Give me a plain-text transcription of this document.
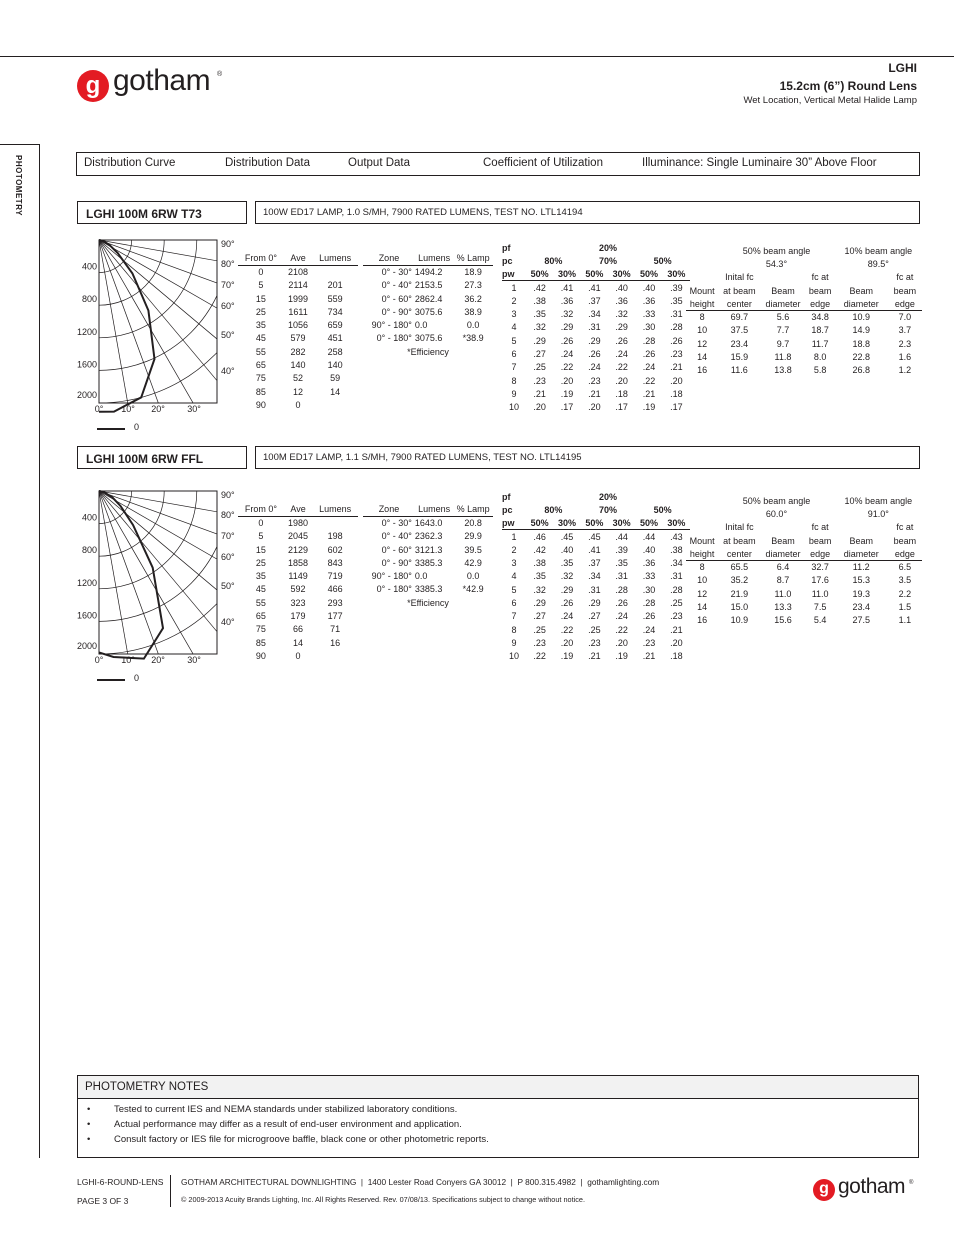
g gotham ®	LGHI
15.2cm (6”) Round Lens
Wet Location, Vertical Metal Halide Lamp
PHOTOMETRY	Distribution Curve	Distribution Data	Output Data	Coefficient of Utilization	Illuminance: Single Luminaire 30” Above Floor
LGHI 100M 6RW T73	100W ED17 LAMP, 1.0 S/MH, 7900 RATED LUMENS, TEST NO. LTL14194
90°
80°
70°
60°
50°
40°
400
800
1200
1600
2000
0° 10° 20° 30°
0
From 0°	Ave	Lumens
0	2108	
5	2114	201
15	1999	559
25	1611	734
35	1056	659
45	579	451
55	282	258
65	140	140
75	52	59
85	12	14
90	0	
Zone	Lumens	% Lamp
0° - 30°	1494.2	18.9
0° - 40°	2153.5	27.3
0° - 60°	2862.4	36.2
0° - 90°	3075.6	38.9
90° - 180°	0.0	0.0
0° - 180°	3075.6	*38.9
*Efficiency		
pf	20%					
pc	80%		70%		50%	
pw	50%	30%	50%	30%	50%	30%
1	.42	.41	.41	.40	.40	.39
2	.38	.36	.37	.36	.36	.35
3	.35	.32	.34	.32	.33	.31
4	.32	.29	.31	.29	.30	.28
5	.29	.26	.29	.26	.28	.26
6	.27	.24	.26	.24	.26	.23
7	.25	.22	.24	.22	.24	.21
8	.23	.20	.23	.20	.22	.20
9	.21	.19	.21	.18	.21	.18
10	.20	.17	.20	.17	.19	.17
	50% beam angle			10% beam angle	
	54.3°			89.5°	
	Inital fc		fc at		fc at
Mount	at beam	Beam	beam	Beam	beam
height	center	diameter	edge	diameter	edge
8	69.7	5.6	34.8	10.9	7.0
10	37.5	7.7	18.7	14.9	3.7
12	23.4	9.7	11.7	18.8	2.3
14	15.9	11.8	8.0	22.8	1.6
16	11.6	13.8	5.8	26.8	1.2
LGHI 100M 6RW FFL	100M ED17 LAMP, 1.1 S/MH, 7900 RATED LUMENS, TEST NO. LTL14195
90°
80°
70°
60°
50°
40°
400
800
1200
1600
2000
0° 10° 20° 30°
0
From 0°	Ave	Lumens
0	1980	
5	2045	198
15	2129	602
25	1858	843
35	1149	719
45	592	466
55	323	293
65	179	177
75	66	71
85	14	16
90	0	
Zone	Lumens	% Lamp
0° - 30°	1643.0	20.8
0° - 40°	2362.3	29.9
0° - 60°	3121.3	39.5
0° - 90°	3385.3	42.9
90° - 180°	0.0	0.0
0° - 180°	3385.3	*42.9
*Efficiency		
pf	20%					
pc	80%		70%		50%	
pw	50%	30%	50%	30%	50%	30%
1	.46	.45	.45	.44	.44	.43
2	.42	.40	.41	.39	.40	.38
3	.38	.35	.37	.35	.36	.34
4	.35	.32	.34	.31	.33	.31
5	.32	.29	.31	.28	.30	.28
6	.29	.26	.29	.26	.28	.25
7	.27	.24	.27	.24	.26	.23
8	.25	.22	.25	.22	.24	.21
9	.23	.20	.23	.20	.23	.20
10	.22	.19	.21	.19	.21	.18
	50% beam angle			10% beam angle	
	60.0°			91.0°	
	Inital fc		fc at		fc at
Mount	at beam	Beam	beam	Beam	beam
height	center	diameter	edge	diameter	edge
8	65.5	6.4	32.7	11.2	6.5
10	35.2	8.7	17.6	15.3	3.5
12	21.9	11.0	11.0	19.3	2.2
14	15.0	13.3	7.5	23.4	1.5
16	10.9	15.6	5.4	27.5	1.1
PHOTOMETRY NOTES
• Tested to current IES and NEMA standards under stabilized laboratory conditions.
• Actual performance may differ as a result of end-user environment and application.
• Consult factory or IES file for microgroove baffle, black cone or other photometric reports.
LGHI-6-ROUND-LENS
PAGE 3 OF 3
GOTHAM ARCHITECTURAL DOWNLIGHTING  |  1400 Lester Road Conyers GA 30012  |  P 800.315.4982  |  gothamlighting.com
© 2009-2013 Acuity Brands Lighting, Inc. All Rights Reserved. Rev. 07/08/13. Specifications subject to change without notice.
g gotham ®
